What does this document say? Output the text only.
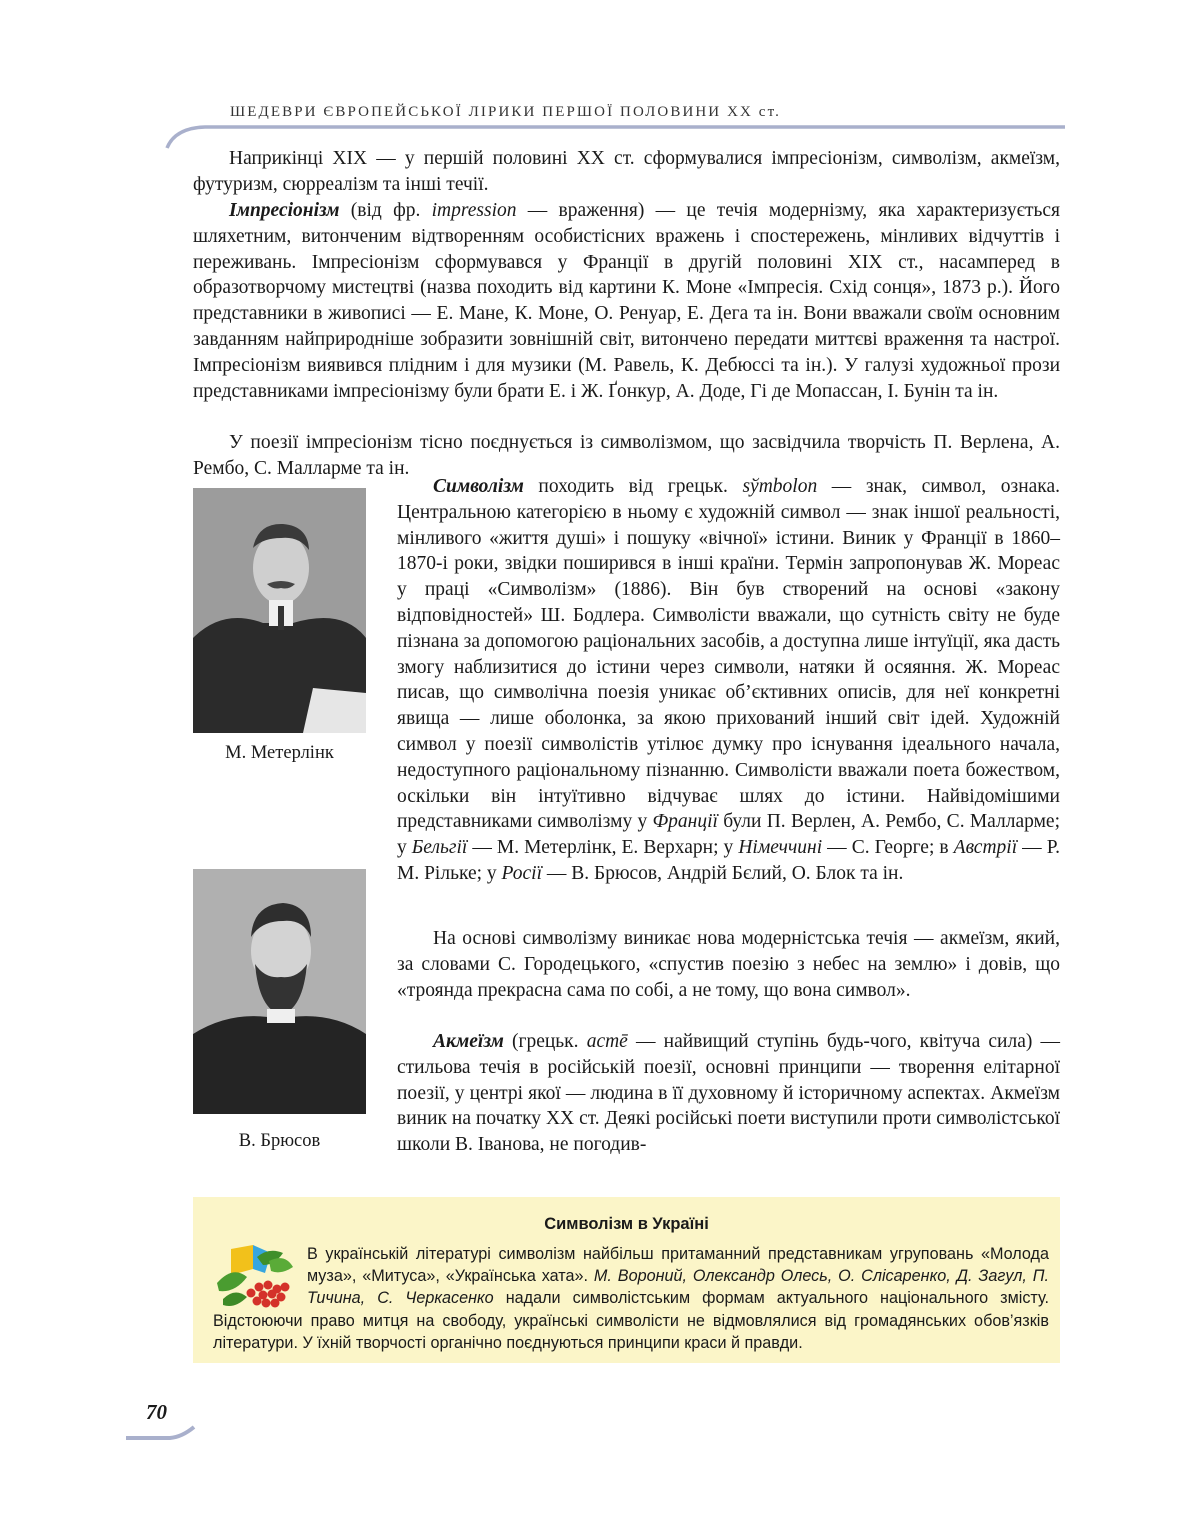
ШЕДЕВРИ ЄВРОПЕЙСЬКОЇ ЛІРИКИ ПЕРШОЇ ПОЛОВИНИ XX ст.

Наприкінці XIX — у першій половині XX ст. сформувалися імпресіонізм, символізм, акмеїзм, футуризм, сюрреалізм та інші течії.

Імпресіонізм (від фр. impression — враження) — це течія модернізму, яка характеризується шляхетним, витонченим відтворенням особистісних вражень і спостережень, мінливих відчуттів і переживань. Імпресіонізм сформувався у Франції в другій половині XIX ст., насамперед в образотворчому мистецтві (назва походить від картини К. Моне «Імпресія. Схід сонця», 1873 р.). Його представники в живописі — Е. Мане, К. Моне, О. Ренуар, Е. Дега та ін. Вони вважали своїм основним завданням найприродніше зобразити зовнішній світ, витончено передати миттєві враження та настрої. Імпресіонізм виявився плідним і для музики (М. Равель, К. Дебюссі та ін.). У галузі художньої прози представниками імпресіонізму були брати Е. і Ж. Ґонкур, А. Доде, Гі де Мопассан, І. Бунін та ін.

У поезії імпресіонізм тісно поєднується із символізмом, що засвідчила творчість П. Верлена, А. Рембо, С. Малларме та ін.

М. Метерлінк
В. Брюсов

Символізм походить від грецьк. sўmbolon — знак, символ, ознака. Центральною категорією в ньому є художній символ — знак іншої реальності, мінливого «життя душі» і пошуку «вічної» істини. Виник у Франції в 1860–1870-і роки, звідки поширився в інші країни. Термін запропонував Ж. Мореас у праці «Символізм» (1886). Він був створений на основі «закону відповідностей» Ш. Бодлера. Символісти вважали, що сутність світу не буде пізнана за допомогою раціональних засобів, а доступна лише інтуїції, яка дасть змогу наблизитися до істини через символи, натяки й осяяння. Ж. Мореас писав, що символічна поезія уникає об’єктивних описів, для неї конкретні явища — лише оболонка, за якою прихований інший світ ідей. Художній символ у поезії символістів утілює думку про існування ідеального начала, недоступного раціональному пізнанню. Символісти вважали поета божеством, оскільки він інтуїтивно відчуває шлях до істини. Найвідомішими представниками символізму у Франції були П. Верлен, А. Рембо, С. Малларме; у Бельгії — М. Метерлінк, Е. Верхарн; у Німеччині — С. Георге; в Австрії — Р. М. Рільке; у Росії — В. Брюсов, Андрій Бєлий, О. Блок та ін.

На основі символізму виникає нова модерністська течія — акмеїзм, який, за словами С. Городецького, «спустив поезію з небес на землю» і довів, що «троянда прекрасна сама по собі, а не тому, що вона символ».

Акмеїзм (грецьк. acmē — найвищий ступінь будь-чого, квітуча сила) — стильова течія в російській поезії, основні принципи — творення елітарної поезії, у центрі якої — людина в її духовному й історичному аспектах. Акмеїзм виник на початку XX ст. Деякі російські поети виступили проти символістської школи В. Іванова, не погодив-

Символізм в Україні

В українській літературі символізм найбільш притаманний представникам угруповань «Молода муза», «Митуса», «Українська хата». М. Вороний, Олександр Олесь, О. Слісаренко, Д. Загул, П. Тичина, С. Черкасенко надали символістським формам актуального національного змісту. Відстоюючи право митця на свободу, українські символісти не відмовлялися від громадянських обов’язків літератури. У їхній творчості органічно поєднуються принципи краси й правди.

70
